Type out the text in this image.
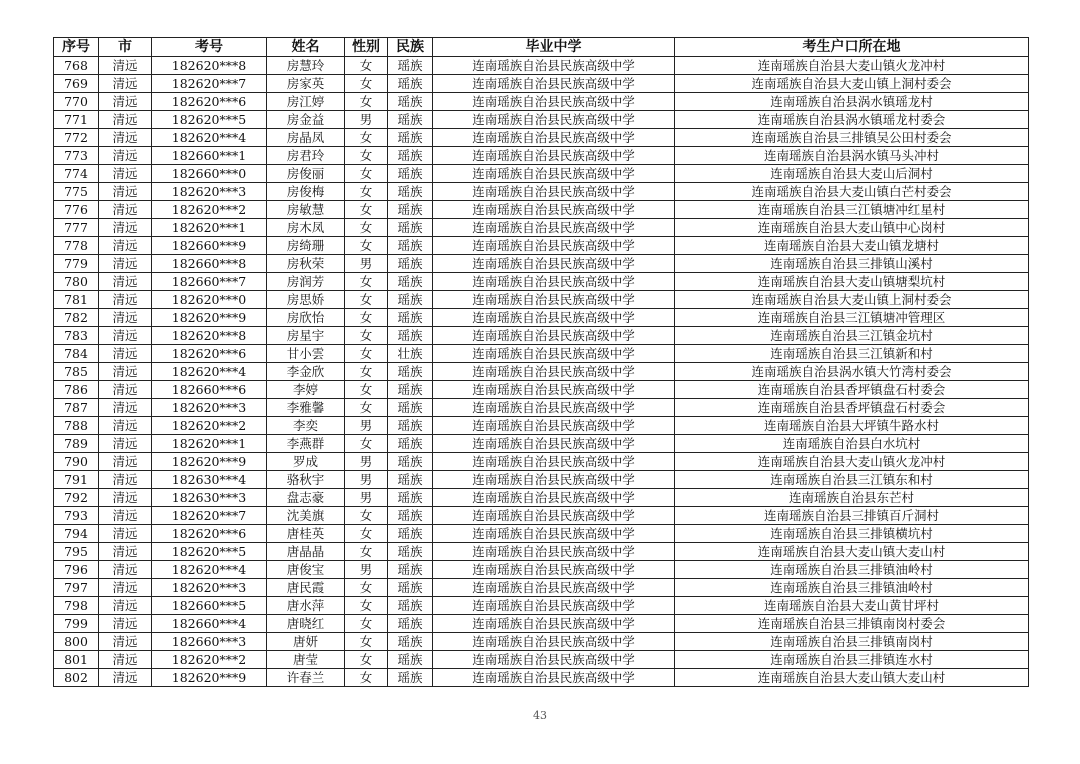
序号	市	考号	姓名	性别	民族	毕业中学	考生户口所在地
768	清远	182620***8	房慧玲	女	瑶族	连南瑶族自治县民族高级中学	连南瑶族自治县大麦山镇火龙冲村
769	清远	182620***7	房家英	女	瑶族	连南瑶族自治县民族高级中学	连南瑶族自治县大麦山镇上洞村委会
770	清远	182620***6	房江婷	女	瑶族	连南瑶族自治县民族高级中学	连南瑶族自治县涡水镇瑶龙村
771	清远	182620***5	房金益	男	瑶族	连南瑶族自治县民族高级中学	连南瑶族自治县涡水镇瑶龙村委会
772	清远	182620***4	房晶凤	女	瑶族	连南瑶族自治县民族高级中学	连南瑶族自治县三排镇吴公田村委会
773	清远	182660***1	房君玲	女	瑶族	连南瑶族自治县民族高级中学	连南瑶族自治县涡水镇马头冲村
774	清远	182660***0	房俊丽	女	瑶族	连南瑶族自治县民族高级中学	连南瑶族自治县大麦山后洞村
775	清远	182620***3	房俊梅	女	瑶族	连南瑶族自治县民族高级中学	连南瑶族自治县大麦山镇白芒村委会
776	清远	182620***2	房敏慧	女	瑶族	连南瑶族自治县民族高级中学	连南瑶族自治县三江镇塘冲红星村
777	清远	182620***1	房木凤	女	瑶族	连南瑶族自治县民族高级中学	连南瑶族自治县大麦山镇中心岗村
778	清远	182660***9	房绮珊	女	瑶族	连南瑶族自治县民族高级中学	连南瑶族自治县大麦山镇龙塘村
779	清远	182660***8	房秋荣	男	瑶族	连南瑶族自治县民族高级中学	连南瑶族自治县三排镇山溪村
780	清远	182660***7	房润芳	女	瑶族	连南瑶族自治县民族高级中学	连南瑶族自治县大麦山镇塘梨坑村
781	清远	182620***0	房思娇	女	瑶族	连南瑶族自治县民族高级中学	连南瑶族自治县大麦山镇上洞村委会
782	清远	182620***9	房欣怡	女	瑶族	连南瑶族自治县民族高级中学	连南瑶族自治县三江镇塘冲管理区
783	清远	182620***8	房星宇	女	瑶族	连南瑶族自治县民族高级中学	连南瑶族自治县三江镇金坑村
784	清远	182620***6	甘小雲	女	壮族	连南瑶族自治县民族高级中学	连南瑶族自治县三江镇新和村
785	清远	182620***4	李金欣	女	瑶族	连南瑶族自治县民族高级中学	连南瑶族自治县涡水镇大竹湾村委会
786	清远	182660***6	李婷	女	瑶族	连南瑶族自治县民族高级中学	连南瑶族自治县香坪镇盘石村委会
787	清远	182620***3	李雅馨	女	瑶族	连南瑶族自治县民族高级中学	连南瑶族自治县香坪镇盘石村委会
788	清远	182620***2	李奕	男	瑶族	连南瑶族自治县民族高级中学	连南瑶族自治县大坪镇牛路水村
789	清远	182620***1	李燕群	女	瑶族	连南瑶族自治县民族高级中学	连南瑶族自治县白水坑村
790	清远	182620***9	罗成	男	瑶族	连南瑶族自治县民族高级中学	连南瑶族自治县大麦山镇火龙冲村
791	清远	182630***4	骆秋宇	男	瑶族	连南瑶族自治县民族高级中学	连南瑶族自治县三江镇东和村
792	清远	182630***3	盘志豪	男	瑶族	连南瑶族自治县民族高级中学	连南瑶族自治县东芒村
793	清远	182620***7	沈美旗	女	瑶族	连南瑶族自治县民族高级中学	连南瑶族自治县三排镇百斤洞村
794	清远	182620***6	唐桂英	女	瑶族	连南瑶族自治县民族高级中学	连南瑶族自治县三排镇横坑村
795	清远	182620***5	唐晶晶	女	瑶族	连南瑶族自治县民族高级中学	连南瑶族自治县大麦山镇大麦山村
796	清远	182620***4	唐俊宝	男	瑶族	连南瑶族自治县民族高级中学	连南瑶族自治县三排镇油岭村
797	清远	182620***3	唐民霞	女	瑶族	连南瑶族自治县民族高级中学	连南瑶族自治县三排镇油岭村
798	清远	182660***5	唐水萍	女	瑶族	连南瑶族自治县民族高级中学	连南瑶族自治县大麦山黄甘坪村
799	清远	182660***4	唐晓红	女	瑶族	连南瑶族自治县民族高级中学	连南瑶族自治县三排镇南岗村委会
800	清远	182660***3	唐妍	女	瑶族	连南瑶族自治县民族高级中学	连南瑶族自治县三排镇南岗村
801	清远	182620***2	唐莹	女	瑶族	连南瑶族自治县民族高级中学	连南瑶族自治县三排镇连水村
802	清远	182620***9	许春兰	女	瑶族	连南瑶族自治县民族高级中学	连南瑶族自治县大麦山镇大麦山村
43
